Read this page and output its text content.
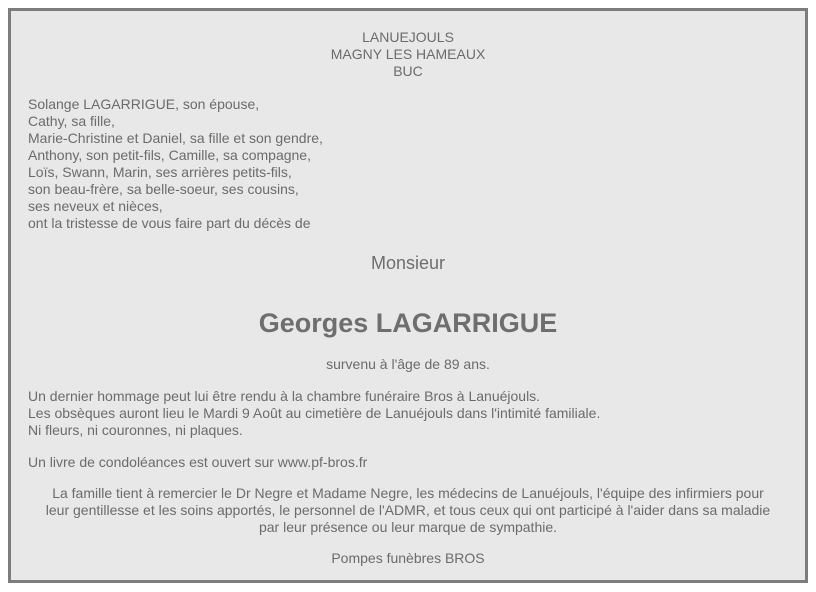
LANUEJOULS
MAGNY LES HAMEAUX
BUC
Solange LAGARRIGUE, son épouse,
Cathy, sa fille,
Marie-Christine et Daniel, sa fille et son gendre,
Anthony, son petit-fils, Camille, sa compagne,
Loïs, Swann, Marin, ses arrières petits-fils,
son beau-frère, sa belle-soeur, ses cousins,
ses neveux et nièces,
ont la tristesse de vous faire part du décès de
Monsieur
Georges LAGARRIGUE
survenu à l'âge de 89 ans.
Un dernier hommage peut lui être rendu à la chambre funéraire Bros à Lanuéjouls.
Les obsèques auront lieu le Mardi 9 Août au cimetière de Lanuéjouls dans l'intimité familiale.
Ni fleurs, ni couronnes, ni plaques.
Un livre de condoléances est ouvert sur www.pf-bros.fr
La famille tient à remercier le Dr Negre et Madame Negre, les médecins de Lanuéjouls, l'équipe des infirmiers pour
leur gentillesse et les soins apportés, le personnel de l'ADMR, et tous ceux qui ont participé à l'aider dans sa maladie
par leur présence ou leur marque de sympathie.
Pompes funèbres BROS
